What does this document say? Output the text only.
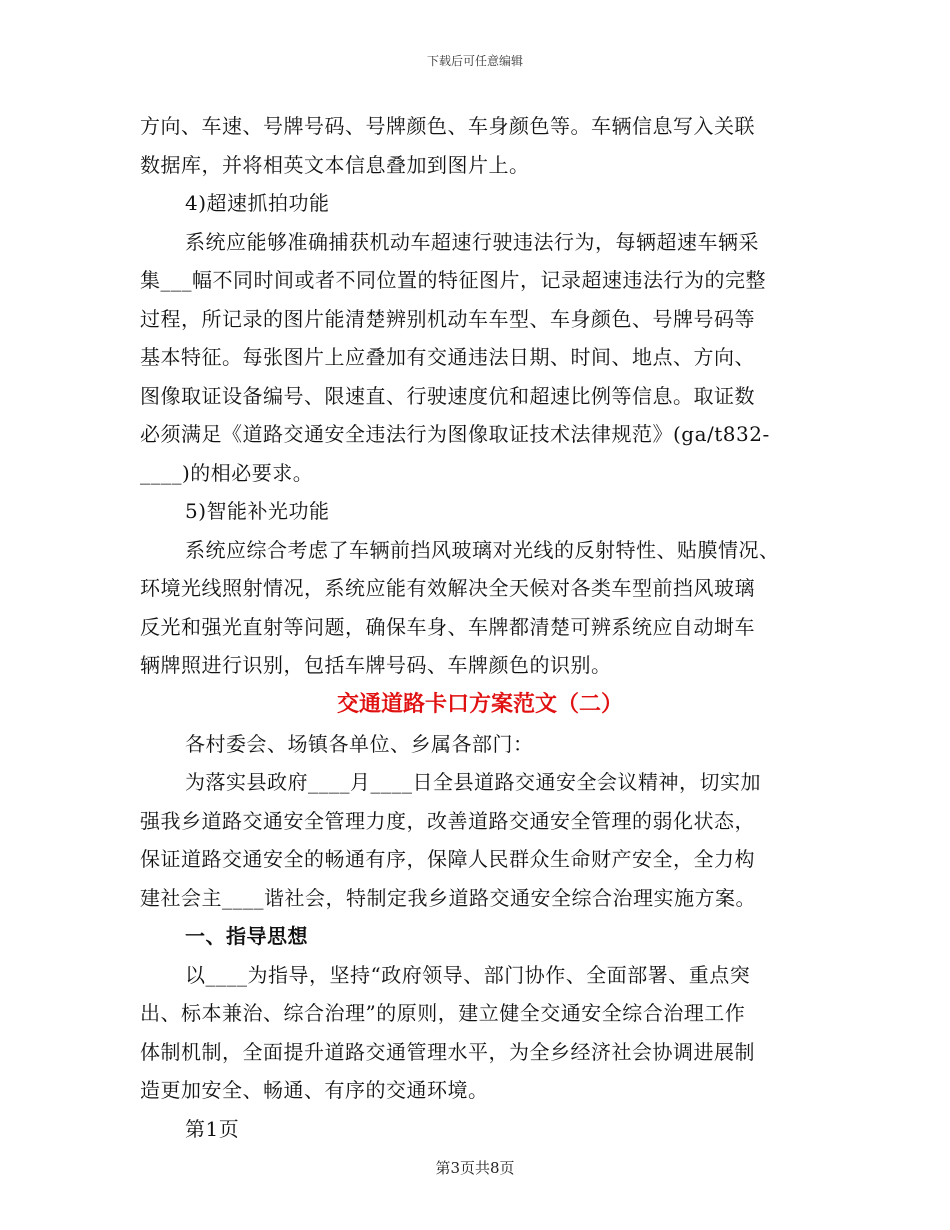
下载后可任意编辑
方向、车速、号牌号码、号牌颜色、车身颜色等。车辆信息写入关联
数据库，并将相英文本信息叠加到图片上。
4)超速抓拍功能
系统应能够准确捕获机动车超速行驶违法行为，每辆超速车辆采
集___幅不同时间或者不同位置的特征图片，记录超速违法行为的完整
过程，所记录的图片能清楚辨别机动车车型、车身颜色、号牌号码等
基本特征。每张图片上应叠加有交通违法日期、时间、地点、方向、
图像取证设备编号、限速直、行驶速度伉和超速比例等信息。取证数
必须满足《道路交通安全违法行为图像取证技术法律规范》(ga/t832-
____)的相必要求。
5)智能补光功能
系统应综合考虑了车辆前挡风玻璃对光线的反射特性、贴膜情况、
环境光线照射情况，系统应能有效解决全天候对各类车型前挡风玻璃
反光和强光直射等问题，确保车身、车牌都清楚可辨系统应自动埘车
辆牌照进行识别，包括车牌号码、车牌颜色的识别。
交通道路卡口方案范文（二）
各村委会、场镇各单位、乡属各部门：
为落实县政府____月____日全县道路交通安全会议精神，切实加
强我乡道路交通安全管理力度，改善道路交通安全管理的弱化状态，
保证道路交通安全的畅通有序，保障人民群众生命财产安全，全力构
建社会主____谐社会，特制定我乡道路交通安全综合治理实施方案。
一、指导思想
以____为指导，坚持“政府领导、部门协作、全面部署、重点突
出、标本兼治、综合治理”的原则，建立健全交通安全综合治理工作
体制机制，全面提升道路交通管理水平，为全乡经济社会协调进展制
造更加安全、畅通、有序的交通环境。
第1页
第3页共8页
